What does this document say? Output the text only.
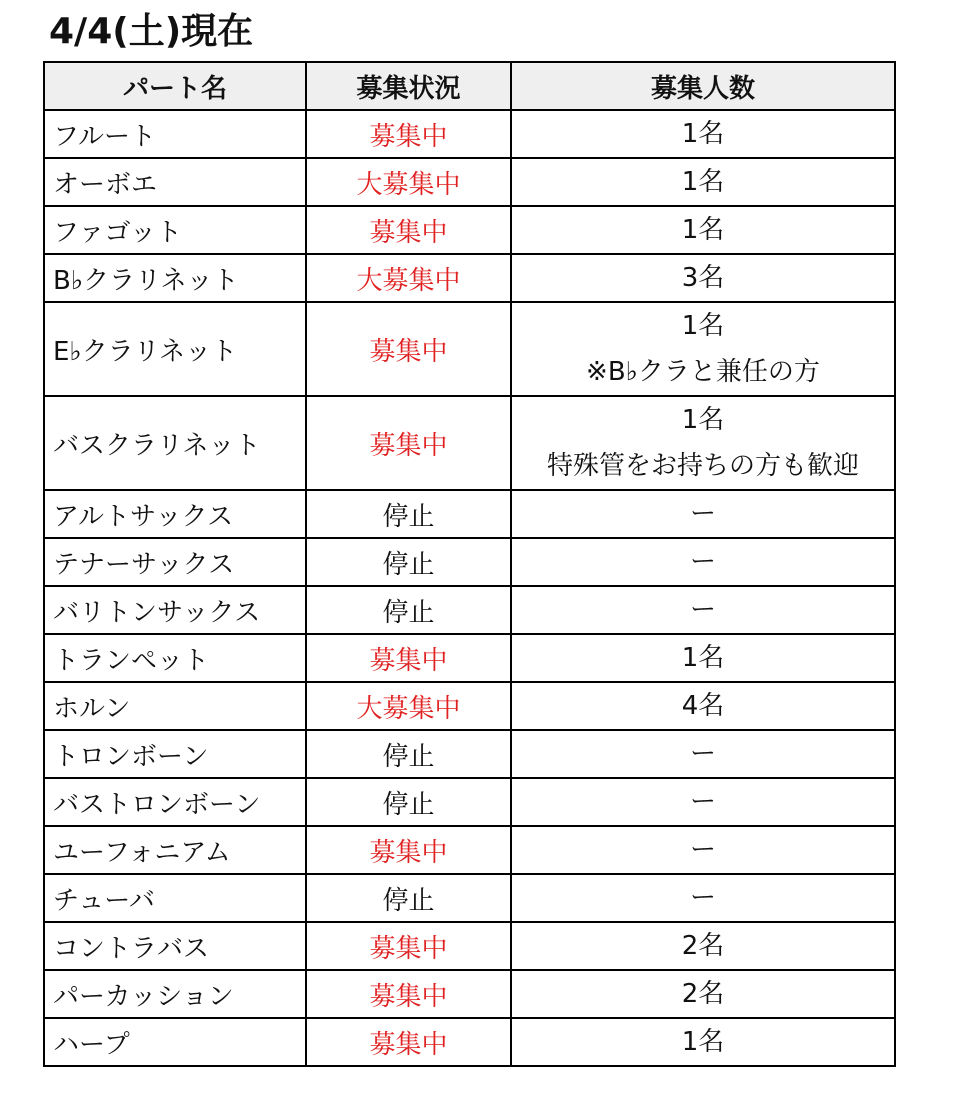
4/4(土)現在
パート名	募集状況	募集人数
フルート	募集中	1名
オーボエ	大募集中	1名
ファゴット	募集中	1名
B♭クラリネット	大募集中	3名
E♭クラリネット	募集中	1名
※B♭クラと兼任の方

バスクラリネット	募集中	1名
特殊管をお持ちの方も歓迎

アルトサックス	停止	ー
テナーサックス	停止	ー
バリトンサックス	停止	ー
トランペット	募集中	1名
ホルン	大募集中	4名
トロンボーン	停止	ー
バストロンボーン	停止	ー
ユーフォニアム	募集中	ー
チューバ	停止	ー
コントラバス	募集中	2名
パーカッション	募集中	2名
ハープ	募集中	1名
